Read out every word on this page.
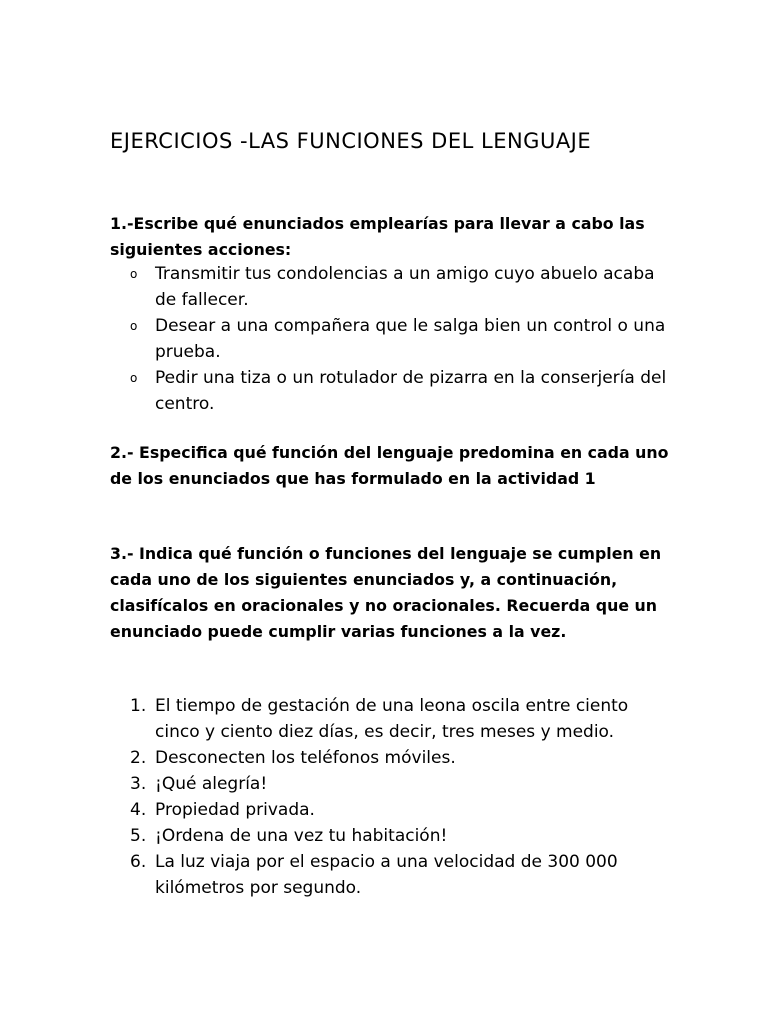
EJERCICIOS -LAS FUNCIONES DEL LENGUAJE

1.-Escribe qué enunciados emplearías para llevar a cabo las siguientes acciones:

o Transmitir tus condolencias a un amigo cuyo abuelo acaba de fallecer.
o Desear a una compañera que le salga bien un control o una prueba.
o Pedir una tiza o un rotulador de pizarra en la conserjería del centro.

2.- Especifica qué función del lenguaje predomina en cada uno de los enunciados que has formulado en la actividad 1

3.- Indica qué función o funciones del lenguaje se cumplen en cada uno de los siguientes enunciados y, a continuación, clasifícalos en oracionales y no oracionales. Recuerda que un enunciado puede cumplir varias funciones a la vez.

1. El tiempo de gestación de una leona oscila entre ciento cinco y ciento diez días, es decir, tres meses y medio.
2. Desconecten los teléfonos móviles.
3. ¡Qué alegría!
4. Propiedad privada.
5. ¡Ordena de una vez tu habitación!
6. La luz viaja por el espacio a una velocidad de 300 000 kilómetros por segundo.
